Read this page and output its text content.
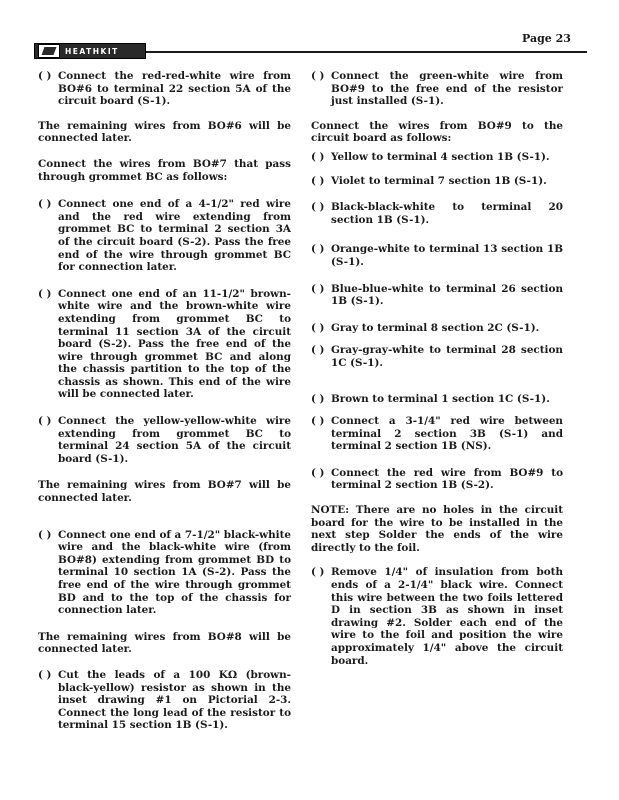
HEATHKIT
Page 23
( ) Connect the red-red-white wire from BO#6 to terminal 22 section 5A of the circuit board (S-1).

The remaining wires from BO#6 will be connected later.

Connect the wires from BO#7 that pass through grommet BC as follows:

( ) Connect one end of a 4-1/2" red wire and the red wire extending from grommet BC to terminal 2 section 3A of the circuit board (S-2). Pass the free end of the wire through grommet BC for connection later.
( ) Connect one end of an 11-1/2" brown-white wire and the brown-white wire extending from grommet BC to terminal 11 section 3A of the circuit board (S-2). Pass the free end of the wire through grommet BC and along the chassis partition to the top of the chassis as shown. This end of the wire will be connected later.
( ) Connect the yellow-yellow-white wire extending from grommet BC to terminal 24 section 5A of the circuit board (S-1).

The remaining wires from BO#7 will be connected later.

( ) Connect one end of a 7-1/2" black-white wire and the black-white wire (from BO#8) extending from grommet BD to terminal 10 section 1A (S-2). Pass the free end of the wire through grommet BD and to the top of the chassis for connection later.

The remaining wires from BO#8 will be connected later.

( ) Cut the leads of a 100 KΩ (brown-black-yellow) resistor as shown in the inset drawing #1 on Pictorial 2-3. Connect the long lead of the resistor to terminal 15 section 1B (S-1).
( ) Connect the green-white wire from BO#9 to the free end of the resistor just installed (S-1).

Connect the wires from BO#9 to the circuit board as follows:

( ) Yellow to terminal 4 section 1B (S-1).
( ) Violet to terminal 7 section 1B (S-1).
( ) Black-black-white to terminal 20 section 1B (S-1).
( ) Orange-white to terminal 13 section 1B (S-1).
( ) Blue-blue-white to terminal 26 section 1B (S-1).
( ) Gray to terminal 8 section 2C (S-1).
( ) Gray-gray-white to terminal 28 section 1C (S-1).
( ) Brown to terminal 1 section 1C (S-1).
( ) Connect a 3-1/4" red wire between terminal 2 section 3B (S-1) and terminal 2 section 1B (NS).
( ) Connect the red wire from BO#9 to terminal 2 section 1B (S-2).

NOTE: There are no holes in the circuit board for the wire to be installed in the next step Solder the ends of the wire directly to the foil.

( ) Remove 1/4" of insulation from both ends of a 2-1/4" black wire. Connect this wire between the two foils lettered D in section 3B as shown in inset drawing #2. Solder each end of the wire to the foil and position the wire approximately 1/4" above the circuit board.
